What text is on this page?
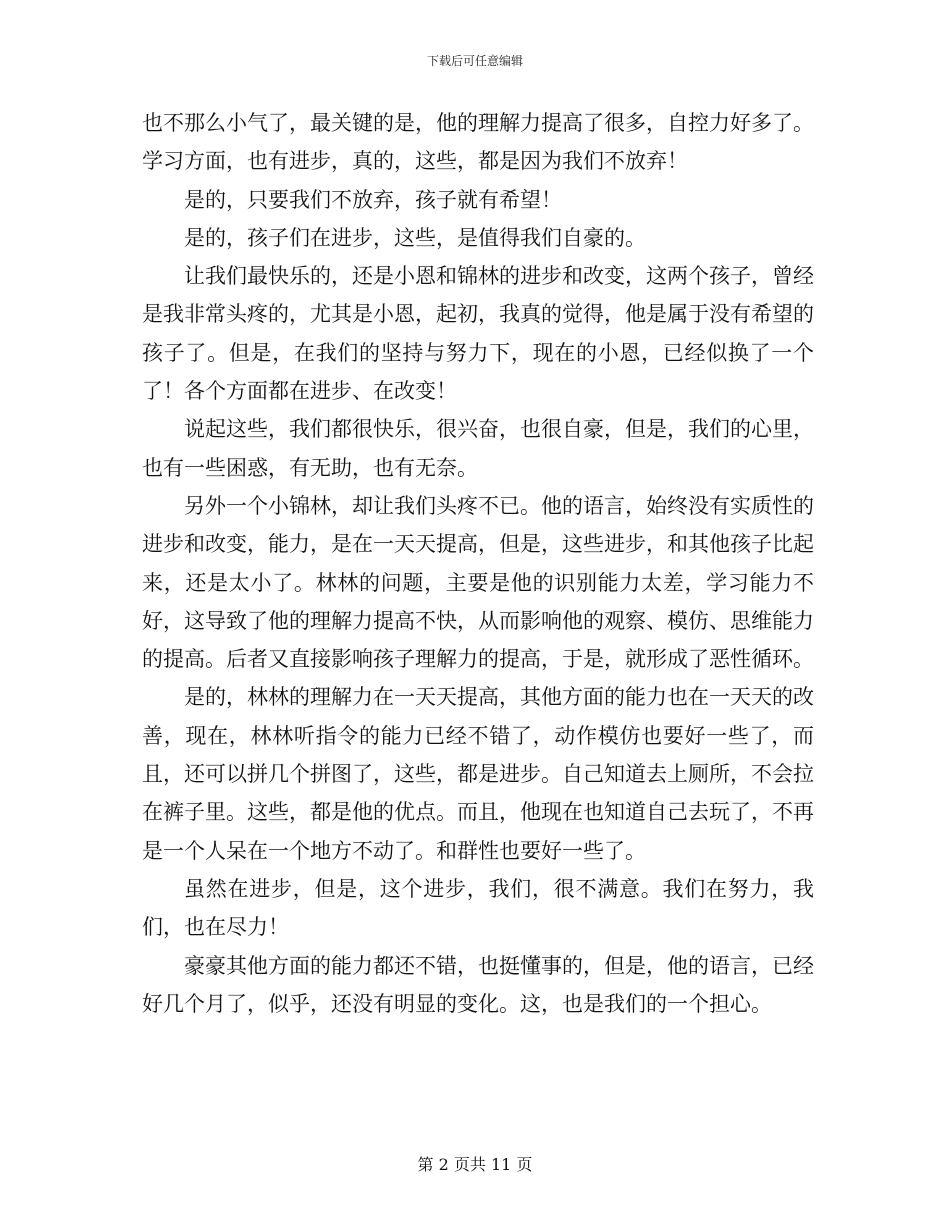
下载后可任意编辑

也不那么小气了，最关键的是，他的理解力提高了很多，自控力好多了。学习方面，也有进步，真的，这些，都是因为我们不放弃！

是的，只要我们不放弃，孩子就有希望！

是的，孩子们在进步，这些，是值得我们自豪的。

让我们最快乐的，还是小恩和锦林的进步和改变，这两个孩子，曾经是我非常头疼的，尤其是小恩，起初，我真的觉得，他是属于没有希望的孩子了。但是，在我们的坚持与努力下，现在的小恩，已经似换了一个了！各个方面都在进步、在改变！

说起这些，我们都很快乐，很兴奋，也很自豪，但是，我们的心里，也有一些困惑，有无助，也有无奈。

另外一个小锦林，却让我们头疼不已。他的语言，始终没有实质性的进步和改变，能力，是在一天天提高，但是，这些进步，和其他孩子比起来，还是太小了。林林的问题，主要是他的识别能力太差，学习能力不好，这导致了他的理解力提高不快，从而影响他的观察、模仿、思维能力的提高。后者又直接影响孩子理解力的提高，于是，就形成了恶性循环。

是的，林林的理解力在一天天提高，其他方面的能力也在一天天的改善，现在，林林听指令的能力已经不错了，动作模仿也要好一些了，而且，还可以拼几个拼图了，这些，都是进步。自己知道去上厕所，不会拉在裤子里。这些，都是他的优点。而且，他现在也知道自己去玩了，不再是一个人呆在一个地方不动了。和群性也要好一些了。

虽然在进步，但是，这个进步，我们，很不满意。我们在努力，我们，也在尽力！

豪豪其他方面的能力都还不错，也挺懂事的，但是，他的语言，已经好几个月了，似乎，还没有明显的变化。这，也是我们的一个担心。

第 2 页共 11 页
